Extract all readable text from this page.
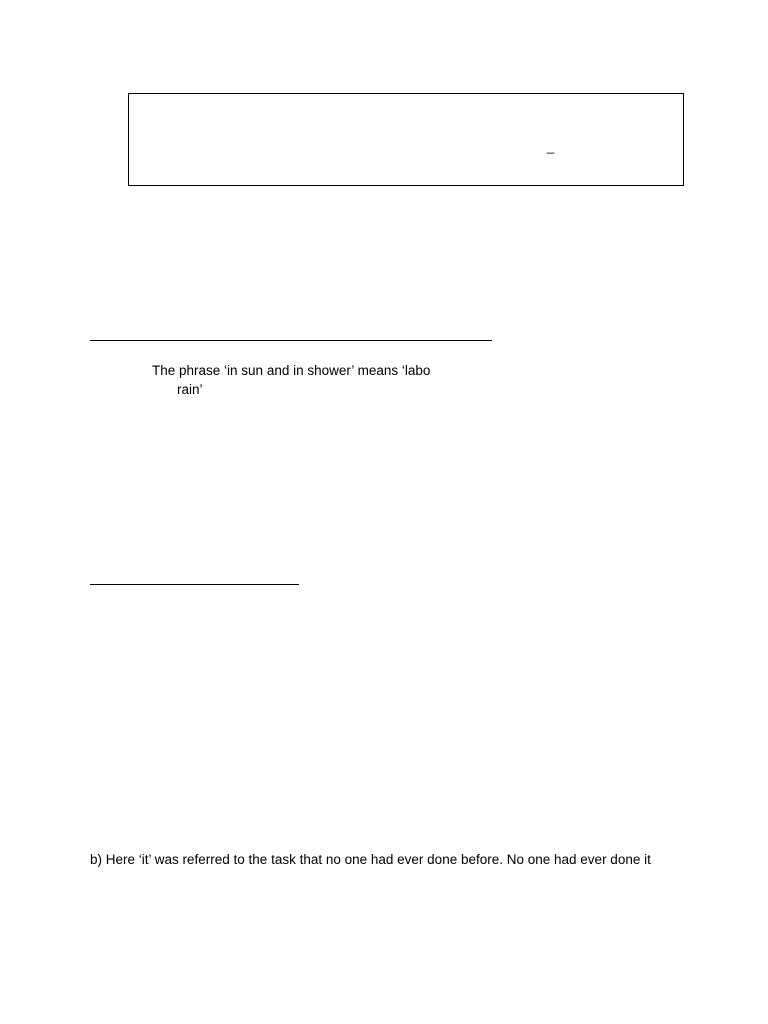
_
The phrase ‘in sun and in shower’ means ‘labo
rain’
b) Here ‘it’ was referred to the task that no one had ever done before. No one had ever done it
